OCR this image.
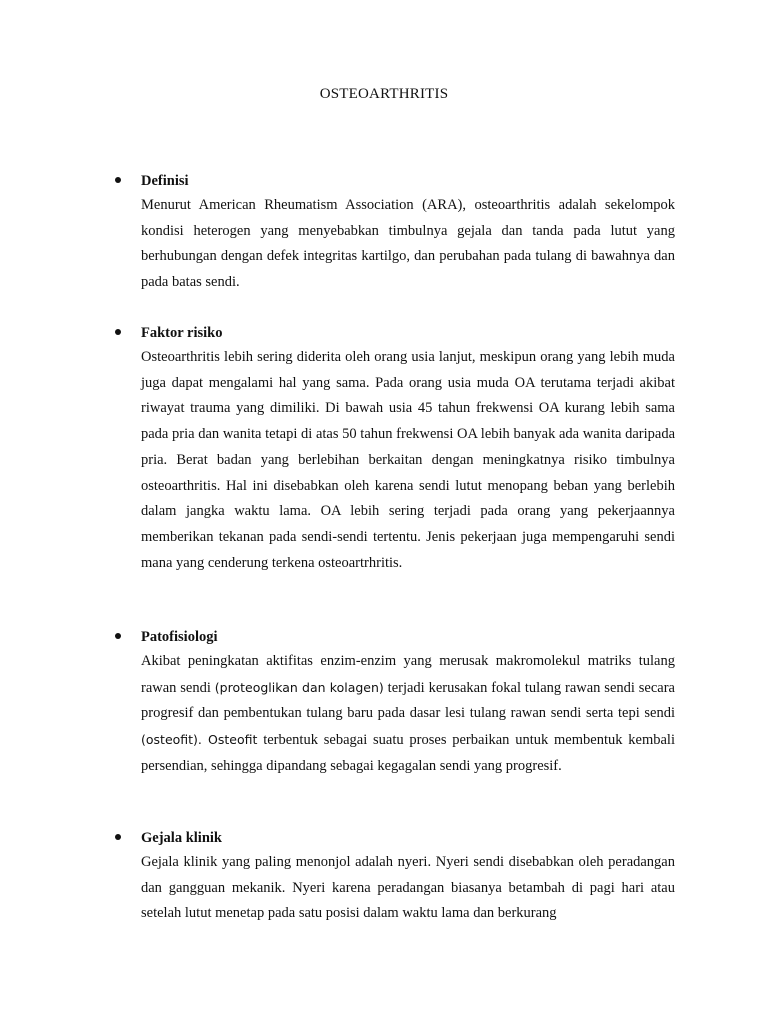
OSTEOARTHRITIS
Definisi

Menurut American Rheumatism Association (ARA), osteoarthritis adalah sekelompok kondisi heterogen yang menyebabkan timbulnya gejala dan tanda pada lutut yang berhubungan dengan defek integritas kartilgo, dan perubahan pada tulang di bawahnya dan pada batas sendi.

Faktor risiko

Osteoarthritis lebih sering diderita oleh orang usia lanjut, meskipun orang yang lebih muda juga dapat mengalami hal yang sama. Pada orang usia muda OA terutama terjadi akibat riwayat trauma yang dimiliki. Di bawah usia 45 tahun frekwensi OA kurang lebih sama pada pria dan wanita tetapi di atas 50 tahun frekwensi OA lebih banyak ada wanita daripada pria. Berat badan yang berlebihan berkaitan dengan meningkatnya risiko timbulnya osteoarthritis. Hal ini disebabkan oleh karena sendi lutut menopang beban yang berlebih dalam jangka waktu lama. OA lebih sering terjadi pada orang yang pekerjaannya memberikan tekanan pada sendi-sendi tertentu. Jenis pekerjaan juga mempengaruhi sendi mana yang cenderung terkena osteoartrhritis.

Patofisiologi

Akibat peningkatan aktifitas enzim-enzim yang merusak makromolekul matriks tulang rawan sendi (proteoglikan dan kolagen) terjadi kerusakan fokal tulang rawan sendi secara progresif dan pembentukan tulang baru pada dasar lesi tulang rawan sendi serta tepi sendi (osteofit). Osteofit terbentuk sebagai suatu proses perbaikan untuk membentuk kembali persendian, sehingga dipandang sebagai kegagalan sendi yang progresif.

Gejala klinik

Gejala klinik yang paling menonjol adalah nyeri. Nyeri sendi disebabkan oleh peradangan dan gangguan mekanik. Nyeri karena peradangan biasanya betambah di pagi hari atau setelah lutut menetap pada satu posisi dalam waktu lama dan berkurang
